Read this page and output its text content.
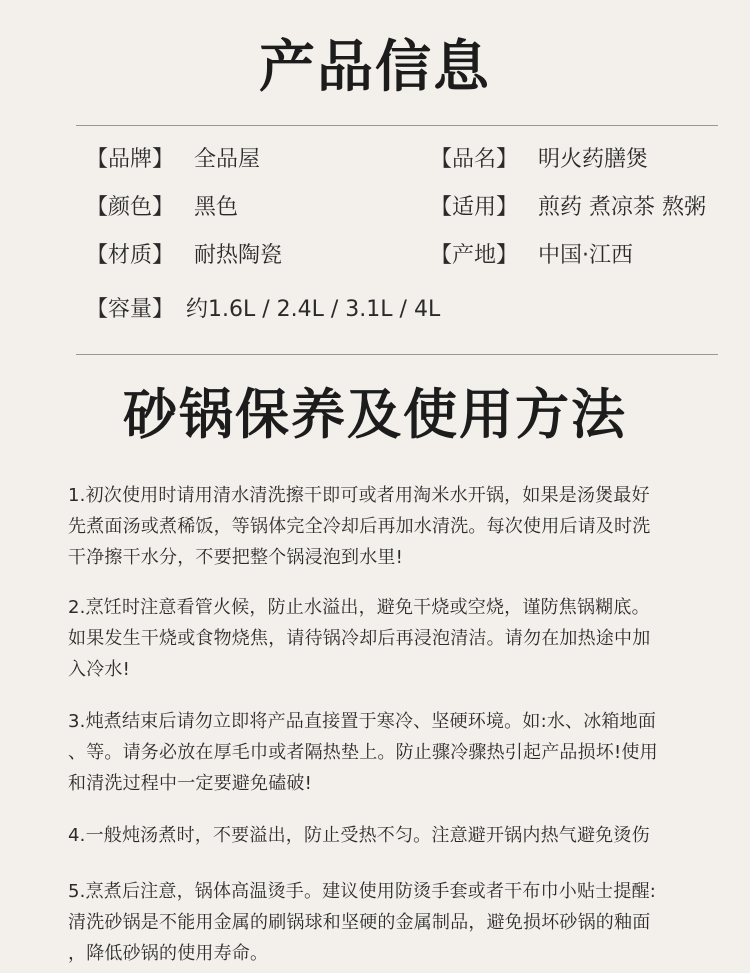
产品信息
【品牌】 全品屋	【品名】 明火药膳煲
【颜色】 黑色	【适用】 煎药 煮凉茶 熬粥
【材质】 耐热陶瓷	【产地】 中国·江西
【容量】 约1.6L / 2.4L / 3.1L / 4L
砂锅保养及使用方法
1.初次使用时请用清水清洗擦干即可或者用淘米水开锅，如果是汤煲最好
先煮面汤或煮稀饭，等锅体完全冷却后再加水清洗。每次使用后请及时洗
干净擦干水分，不要把整个锅浸泡到水里!
2.烹饪时注意看管火候，防止水溢出，避免干烧或空烧，谨防焦锅糊底。
如果发生干烧或食物烧焦，请待锅冷却后再浸泡清洁。请勿在加热途中加
入冷水!
3.炖煮结束后请勿立即将产品直接置于寒冷、坚硬环境。如:水、冰箱地面
、等。请务必放在厚毛巾或者隔热垫上。防止骤冷骤热引起产品损坏!使用
和清洗过程中一定要避免磕破!
4.一般炖汤煮时，不要溢出，防止受热不匀。注意避开锅内热气避免烫伤
5.烹煮后注意，锅体高温烫手。建议使用防烫手套或者干布巾小贴士提醒:
清洗砂锅是不能用金属的刷锅球和坚硬的金属制品，避免损坏砂锅的釉面
，降低砂锅的使用寿命。
